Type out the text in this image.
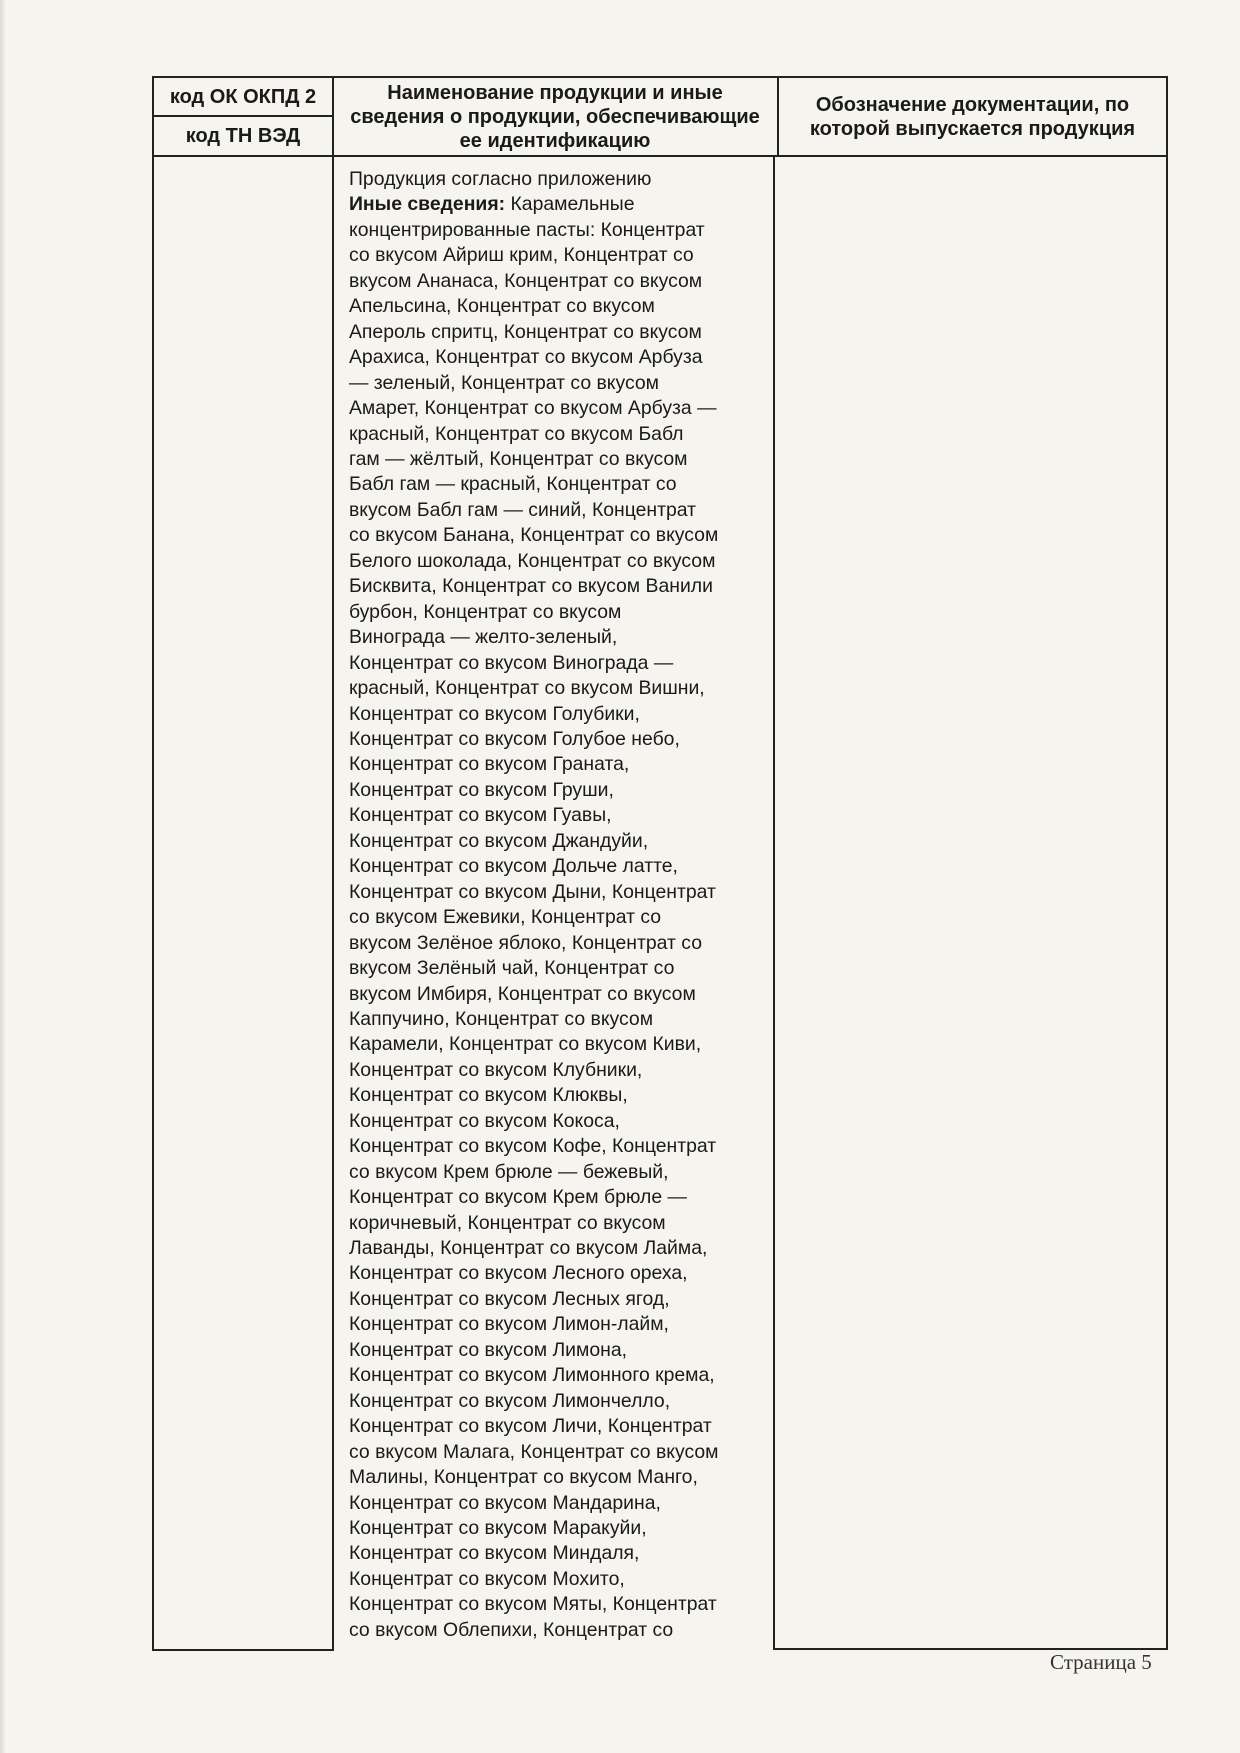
код ОК ОКПД 2
код ТН ВЭД
Наименование продукции и иные сведения о продукции, обеспечивающие ее идентификацию
Обозначение документации, по которой выпускается продукция
Продукция согласно приложению
Иные сведения: Карамельные
концентрированные пасты: Концентрат
со вкусом Айриш крим, Концентрат со
вкусом Ананаса, Концентрат со вкусом
Апельсина, Концентрат со вкусом
Апероль спритц, Концентрат со вкусом
Арахиса, Концентрат со вкусом Арбуза
— зеленый, Концентрат со вкусом
Амарет, Концентрат со вкусом Арбуза —
красный, Концентрат со вкусом Бабл
гам — жёлтый, Концентрат со вкусом
Бабл гам — красный, Концентрат со
вкусом Бабл гам — синий, Концентрат
со вкусом Банана, Концентрат со вкусом
Белого шоколада, Концентрат со вкусом
Бисквита, Концентрат со вкусом Ванили
бурбон, Концентрат со вкусом
Винограда — желто-зеленый,
Концентрат со вкусом Винограда —
красный, Концентрат со вкусом Вишни,
Концентрат со вкусом Голубики,
Концентрат со вкусом Голубое небо,
Концентрат со вкусом Граната,
Концентрат со вкусом Груши,
Концентрат со вкусом Гуавы,
Концентрат со вкусом Джандуйи,
Концентрат со вкусом Дольче латте,
Концентрат со вкусом Дыни, Концентрат
со вкусом Ежевики, Концентрат со
вкусом Зелёное яблоко, Концентрат со
вкусом Зелёный чай, Концентрат со
вкусом Имбиря, Концентрат со вкусом
Каппучино, Концентрат со вкусом
Карамели, Концентрат со вкусом Киви,
Концентрат со вкусом Клубники,
Концентрат со вкусом Клюквы,
Концентрат со вкусом Кокоса,
Концентрат со вкусом Кофе, Концентрат
со вкусом Крем брюле — бежевый,
Концентрат со вкусом Крем брюле —
коричневый, Концентрат со вкусом
Лаванды, Концентрат со вкусом Лайма,
Концентрат со вкусом Лесного ореха,
Концентрат со вкусом Лесных ягод,
Концентрат со вкусом Лимон-лайм,
Концентрат со вкусом Лимона,
Концентрат со вкусом Лимонного крема,
Концентрат со вкусом Лимончелло,
Концентрат со вкусом Личи, Концентрат
со вкусом Малага, Концентрат со вкусом
Малины, Концентрат со вкусом Манго,
Концентрат со вкусом Мандарина,
Концентрат со вкусом Маракуйи,
Концентрат со вкусом Миндаля,
Концентрат со вкусом Мохито,
Концентрат со вкусом Мяты, Концентрат
со вкусом Облепихи, Концентрат со
Страница 5
